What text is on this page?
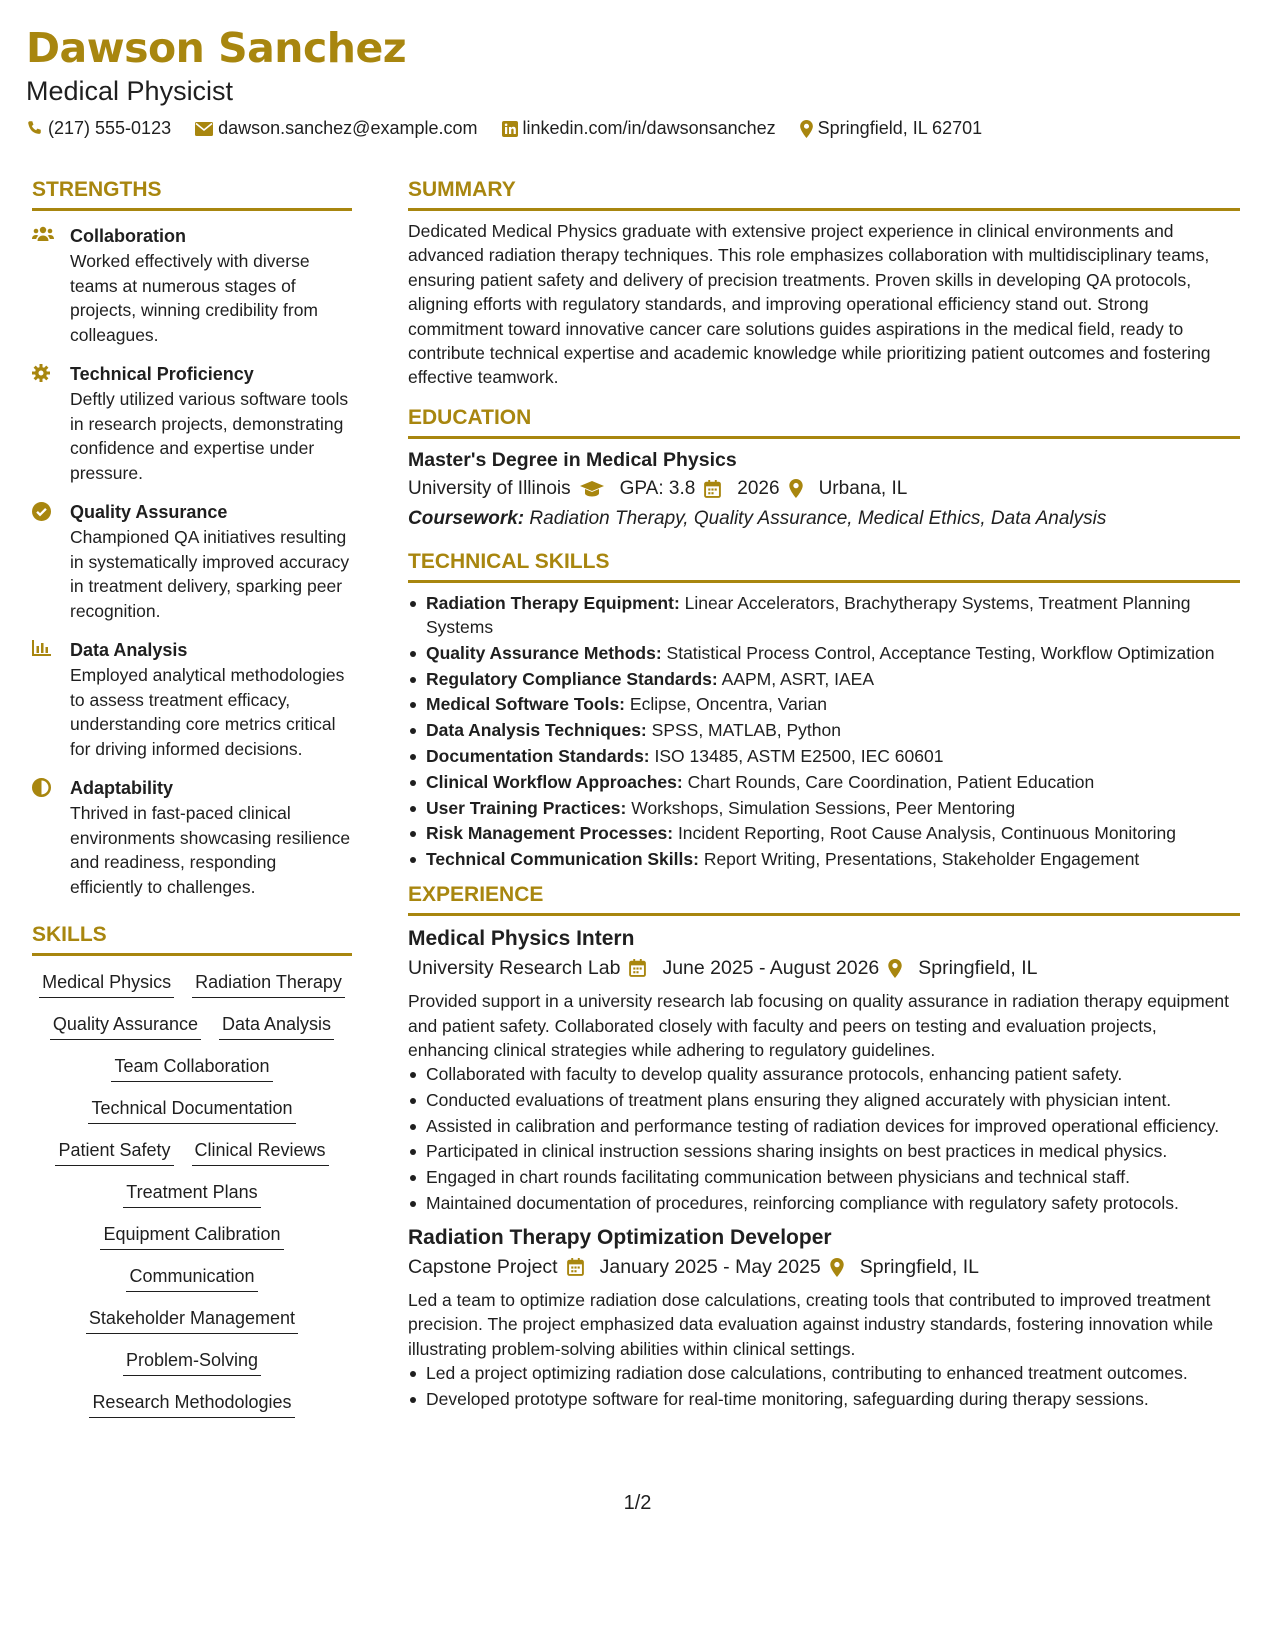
Dawson Sanchez
Medical Physicist
(217) 555-0123	dawson.sanchez@example.com	linkedin.com/in/dawsonsanchez Springfield, IL 62701
STRENGTHS
Collaboration
Worked effectively with diverse teams at numerous stages of projects, winning credibility from colleagues.
Technical Proficiency
Deftly utilized various software tools in research projects, demonstrating confidence and expertise under pressure.
Quality Assurance
Championed QA initiatives resulting in systematically improved accuracy in treatment delivery, sparking peer recognition.
Data Analysis
Employed analytical methodologies to assess treatment efficacy, understanding core metrics critical for driving informed decisions.
Adaptability
Thrived in fast-paced clinical environments showcasing resilience and readiness, responding efficiently to challenges.
SKILLS
Medical Physics Radiation Therapy
Quality Assurance Data Analysis
Team Collaboration
Technical Documentation
Patient Safety Clinical Reviews
Treatment Plans
Equipment Calibration
Communication
Stakeholder Management
Problem-Solving
Research Methodologies
SUMMARY

Dedicated Medical Physics graduate with extensive project experience in clinical environments and advanced radiation therapy techniques. This role emphasizes collaboration with multidisciplinary teams, ensuring patient safety and delivery of precision treatments. Proven skills in developing QA protocols, aligning efforts with regulatory standards, and improving operational efficiency stand out. Strong commitment toward innovative cancer care solutions guides aspirations in the medical field, ready to contribute technical expertise and academic knowledge while prioritizing patient outcomes and fostering effective teamwork.

EDUCATION
Master's Degree in Medical Physics
University of Illinois	GPA: 3.8 2026 Urbana, IL
Coursework: Radiation Therapy, Quality Assurance, Medical Ethics, Data Analysis
TECHNICAL SKILLS
Radiation Therapy Equipment: Linear Accelerators, Brachytherapy Systems, Treatment Planning Systems
Quality Assurance Methods: Statistical Process Control, Acceptance Testing, Workflow Optimization
Regulatory Compliance Standards: AAPM, ASRT, IAEA
Medical Software Tools: Eclipse, Oncentra, Varian
Data Analysis Techniques: SPSS, MATLAB, Python
Documentation Standards: ISO 13485, ASTM E2500, IEC 60601
Clinical Workflow Approaches: Chart Rounds, Care Coordination, Patient Education
User Training Practices: Workshops, Simulation Sessions, Peer Mentoring
Risk Management Processes: Incident Reporting, Root Cause Analysis, Continuous Monitoring
Technical Communication Skills: Report Writing, Presentations, Stakeholder Engagement
EXPERIENCE
Medical Physics Intern
University Research Lab June 2025 - August 2026 Springfield, IL

Provided support in a university research lab focusing on quality assurance in radiation therapy equipment and patient safety. Collaborated closely with faculty and peers on testing and evaluation projects, enhancing clinical strategies while adhering to regulatory guidelines.

Collaborated with faculty to develop quality assurance protocols, enhancing patient safety.
Conducted evaluations of treatment plans ensuring they aligned accurately with physician intent.
Assisted in calibration and performance testing of radiation devices for improved operational efficiency.
Participated in clinical instruction sessions sharing insights on best practices in medical physics.
Engaged in chart rounds facilitating communication between physicians and technical staff.
Maintained documentation of procedures, reinforcing compliance with regulatory safety protocols.
Radiation Therapy Optimization Developer
Capstone Project January 2025 - May 2025 Springfield, IL

Led a team to optimize radiation dose calculations, creating tools that contributed to improved treatment precision. The project emphasized data evaluation against industry standards, fostering innovation while illustrating problem-solving abilities within clinical settings.

Led a project optimizing radiation dose calculations, contributing to enhanced treatment outcomes.
Developed prototype software for real-time monitoring, safeguarding during therapy sessions.
1/2
